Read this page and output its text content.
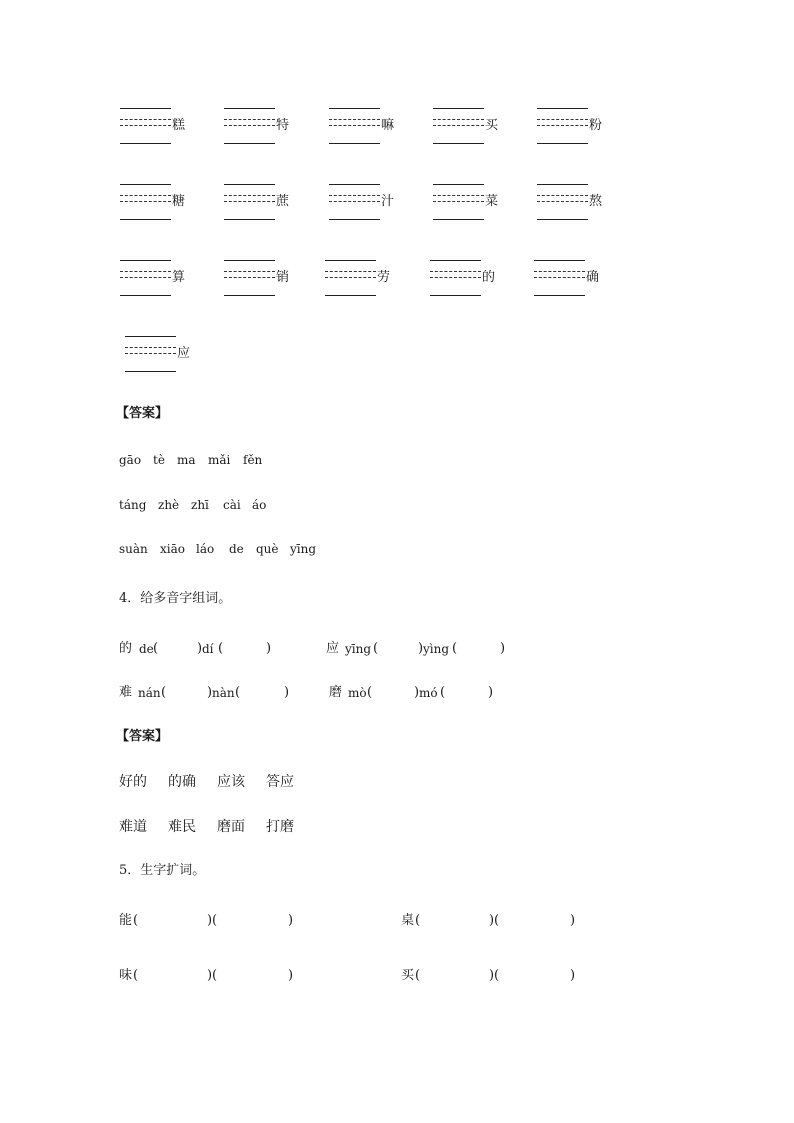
糕	特	嘛	买	粉
糖	蔗	汁	菜	熬
算	销	劳	的	确
应
【答案】
gāo tè ma mǎi fěn
táng zhè zhī cài áo
suàn xiāo láo de què yīng
4．给多音字组词。
的 de (	) dí (	)	应 yīng (	) yìng (	)
难 nán (	) nàn (	)	磨 mò (	) mó (	)
【答案】
好的 的确 应该 答应
难道 难民 磨面 打磨
5．生字扩词。
能 (	) (	)	桌 (	) (	)
味 (	) (	)	买 (	) (	)
